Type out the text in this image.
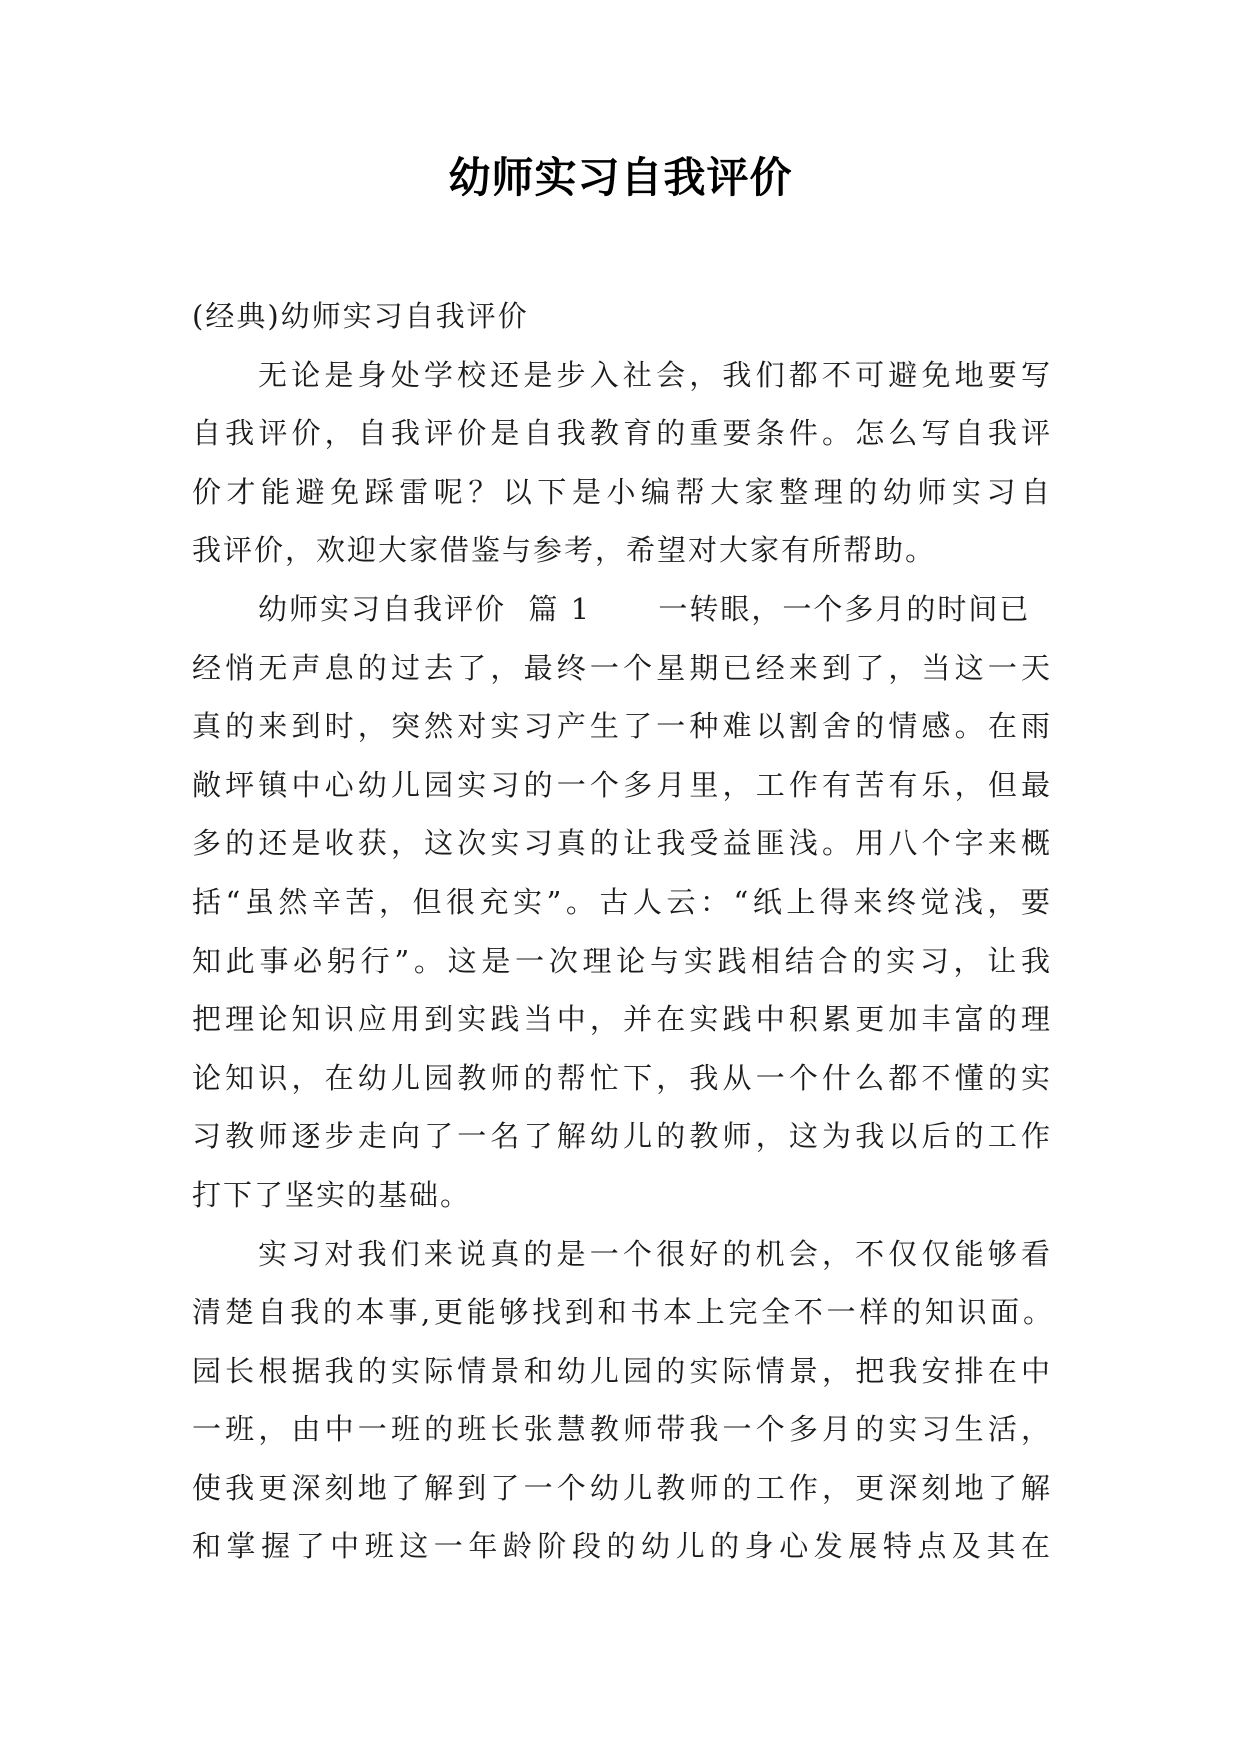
幼师实习自我评价
(经典)幼师实习自我评价
无论是身处学校还是步入社会，我们都不可避免地要写
自我评价，自我评价是自我教育的重要条件。怎么写自我评
价才能避免踩雷呢？以下是小编帮大家整理的幼师实习自
我评价，欢迎大家借鉴与参考，希望对大家有所帮助。
幼师实习自我评价  篇 1      一转眼，一个多月的时间已
经悄无声息的过去了，最终一个星期已经来到了，当这一天
真的来到时，突然对实习产生了一种难以割舍的情感。在雨
敞坪镇中心幼儿园实习的一个多月里，工作有苦有乐，但最
多的还是收获，这次实习真的让我受益匪浅。用八个字来概
括“虽然辛苦，但很充实”。古人云：“纸上得来终觉浅，要
知此事必躬行”。这是一次理论与实践相结合的实习，让我
把理论知识应用到实践当中，并在实践中积累更加丰富的理
论知识，在幼儿园教师的帮忙下，我从一个什么都不懂的实
习教师逐步走向了一名了解幼儿的教师，这为我以后的工作
打下了坚实的基础。
实习对我们来说真的是一个很好的机会，不仅仅能够看
清楚自我的本事,更能够找到和书本上完全不一样的知识面。
园长根据我的实际情景和幼儿园的实际情景，把我安排在中
一班，由中一班的班长张慧教师带我一个多月的实习生活，
使我更深刻地了解到了一个幼儿教师的工作，更深刻地了解
和掌握了中班这一年龄阶段的幼儿的身心发展特点及其在
